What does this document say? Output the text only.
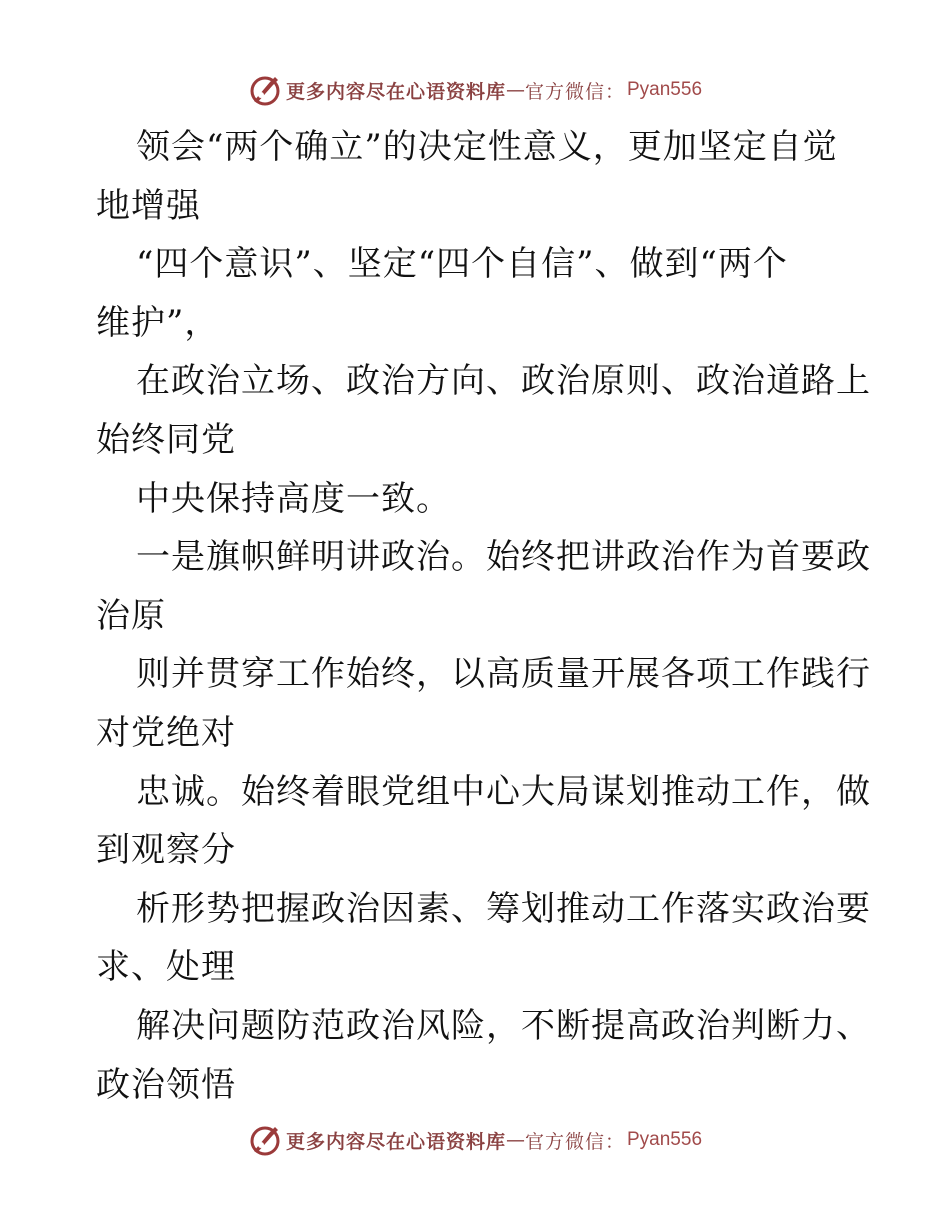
更多内容尽在心语资料库 — 官方微信： Pyan556
领会“两个确立”的决定性意义，更加坚定自觉
地增强
“四个意识”、坚定“四个自信”、做到“两个
维护”，
在政治立场、政治方向、政治原则、政治道路上
始终同党
中央保持高度一致。
一是旗帜鲜明讲政治。始终把讲政治作为首要政
治原
则并贯穿工作始终，以高质量开展各项工作践行
对党绝对
忠诚。始终着眼党组中心大局谋划推动工作，做
到观察分
析形势把握政治因素、筹划推动工作落实政治要
求、处理
解决问题防范政治风险，不断提高政治判断力、
政治领悟
更多内容尽在心语资料库 — 官方微信： Pyan556
